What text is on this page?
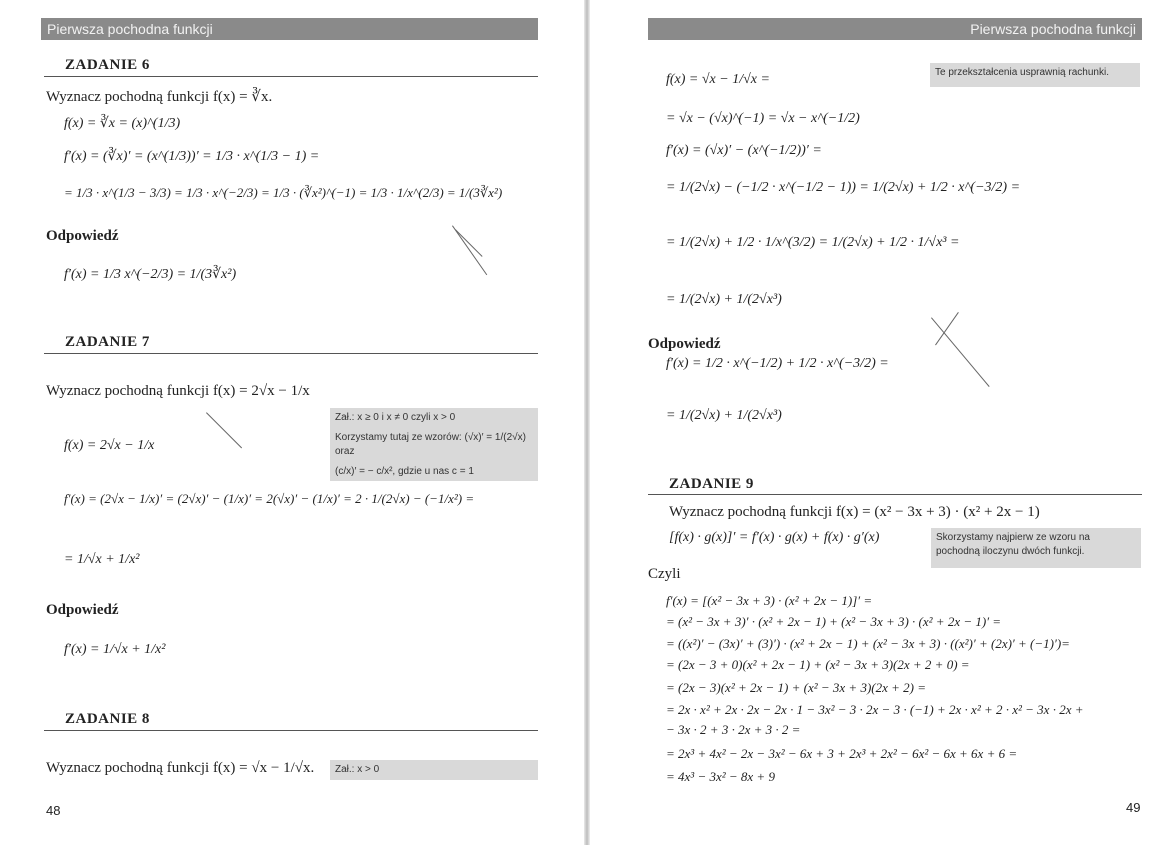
Pierwsza pochodna funkcji
ZADANIE 6
Wyznacz pochodną funkcji f(x) = ∛x.
f(x) = ∛x = (x)^(1/3)
f′(x) = (∛x)′ = (x^(1/3))′ = 1/3 · x^(1/3 − 1) =
= 1/3 · x^(1/3 − 3/3) = 1/3 · x^(−2/3) = 1/3 · (∛x²)^(−1) = 1/3 · 1/x^(2/3) = 1/(3∛x²)
Odpowiedź
f′(x) = 1/3 x^(−2/3) = 1/(3∛x²)
ZADANIE 7
Wyznacz pochodną funkcji f(x) = 2√x − 1/x
Zał.: x ≥ 0 i x ≠ 0 czyli x > 0
Korzystamy tutaj ze wzorów: (√x)′ = 1/(2√x) oraz
(c/x)′ = − c/x², gdzie u nas c = 1
f(x) = 2√x − 1/x
f′(x) = (2√x − 1/x)′ = (2√x)′ − (1/x)′ = 2(√x)′ − (1/x)′ = 2 · 1/(2√x) − (−1/x²) =
= 1/√x + 1/x²
Odpowiedź
f′(x) = 1/√x + 1/x²
ZADANIE 8
Wyznacz pochodną funkcji f(x) = √x − 1/√x.	Zał.: x > 0
48
Pierwsza pochodna funkcji
f(x) = √x − 1/√x =	Te przekształcenia usprawnią rachunki.
= √x − (√x)^(−1) = √x − x^(−1/2)
f′(x) = (√x)′ − (x^(−1/2))′ =
= 1/(2√x) − (−1/2 · x^(−1/2 − 1)) = 1/(2√x) + 1/2 · x^(−3/2) =
= 1/(2√x) + 1/2 · 1/x^(3/2) = 1/(2√x) + 1/2 · 1/√x³ =
= 1/(2√x) + 1/(2√x³)
Odpowiedź
f′(x) = 1/2 · x^(−1/2) + 1/2 · x^(−3/2) =
= 1/(2√x) + 1/(2√x³)
ZADANIE 9
Wyznacz pochodną funkcji f(x) = (x² − 3x + 3) · (x² + 2x − 1)
[f(x) · g(x)]′ = f′(x) · g(x) + f(x) · g′(x)	Skorzystamy najpierw ze wzoru na pochodną iloczynu dwóch funkcji.
Czyli
f′(x) = [(x² − 3x + 3) · (x² + 2x − 1)]′ =
= (x² − 3x + 3)′ · (x² + 2x − 1) + (x² − 3x + 3) · (x² + 2x − 1)′ =
= ((x²)′ − (3x)′ + (3)′) · (x² + 2x − 1) + (x² − 3x + 3) · ((x²)′ + (2x)′ + (−1)′)=
= (2x − 3 + 0)(x² + 2x − 1) + (x² − 3x + 3)(2x + 2 + 0) =
= (2x − 3)(x² + 2x − 1) + (x² − 3x + 3)(2x + 2) =
= 2x · x² + 2x · 2x − 2x · 1 − 3x² − 3 · 2x − 3 · (−1) + 2x · x² + 2 · x² − 3x · 2x +
− 3x · 2 + 3 · 2x + 3 · 2 =
= 2x³ + 4x² − 2x − 3x² − 6x + 3 + 2x³ + 2x² − 6x² − 6x + 6x + 6 =
= 4x³ − 3x² − 8x + 9
49
